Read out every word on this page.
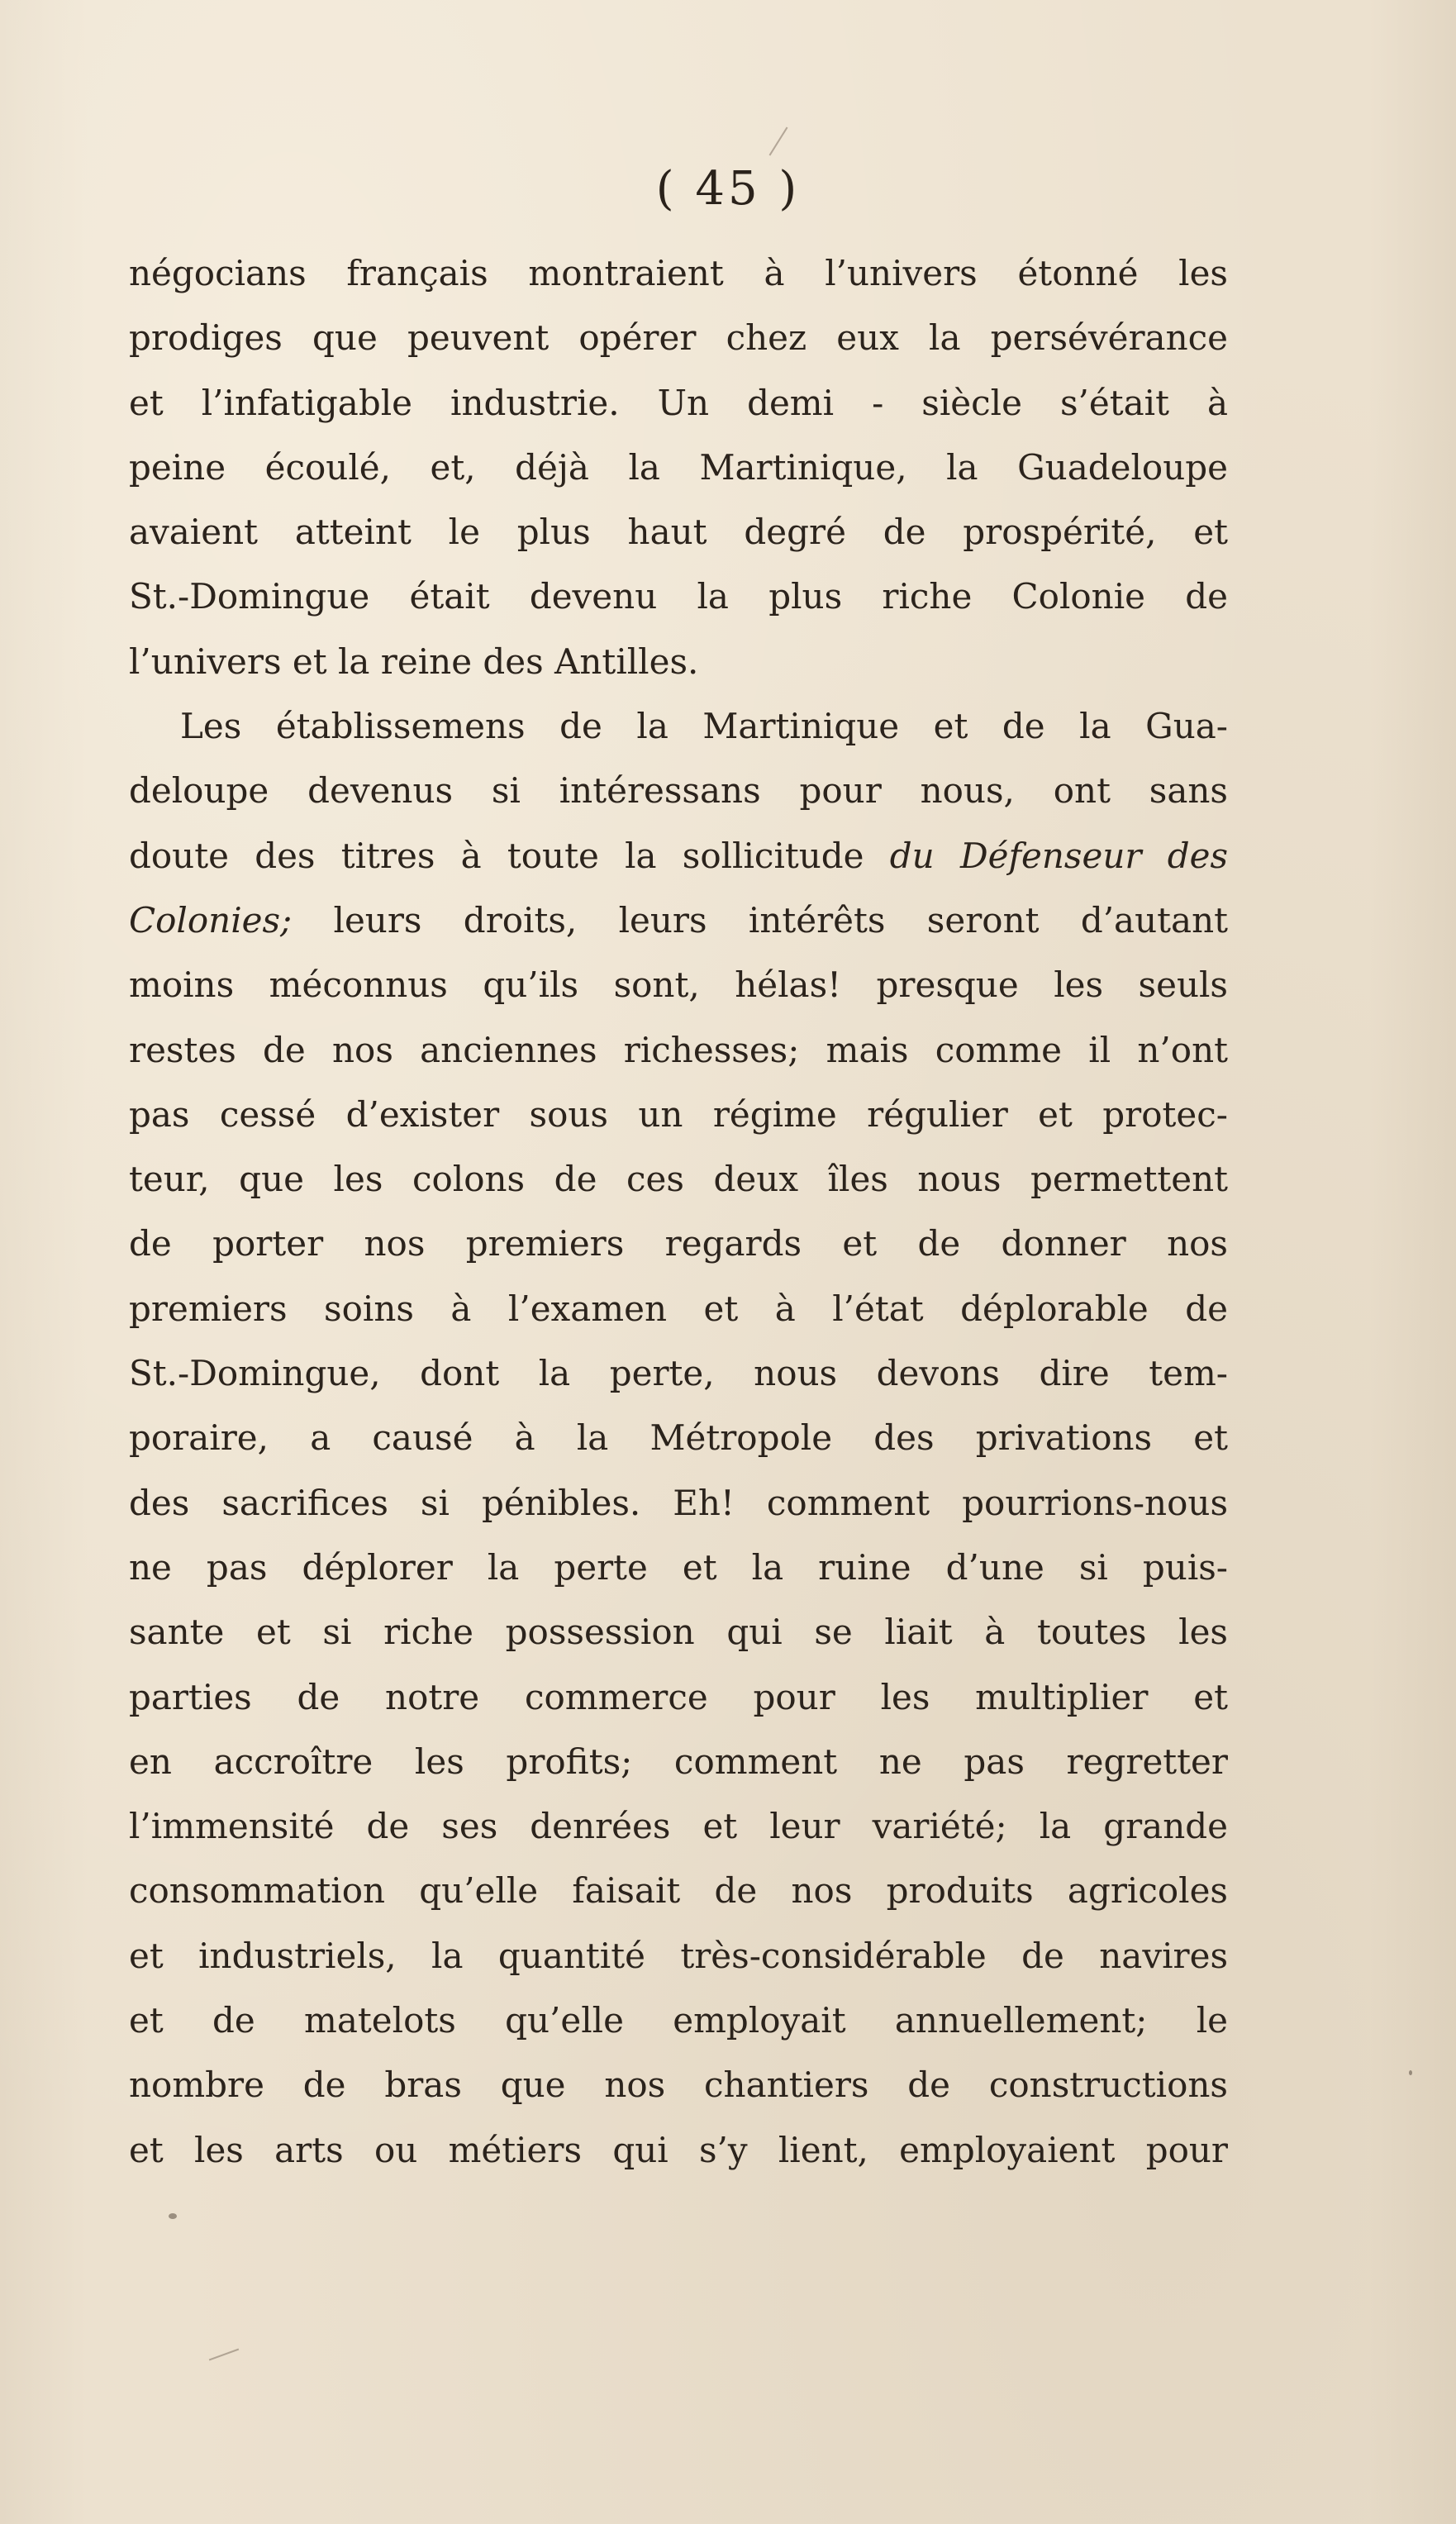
( 45 )
négocians français montraient à l’univers étonné les
prodiges que peuvent opérer chez eux la persévérance
et l’infatigable industrie. Un demi - siècle s’était à
peine écoulé, et, déjà la Martinique, la Guadeloupe
avaient atteint le plus haut degré de prospérité, et
St.-Domingue était devenu la plus riche Colonie de
l’univers et la reine des Antilles.
Les établissemens de la Martinique et de la Gua-
deloupe devenus si intéressans pour nous, ont sans
doute des titres à toute la sollicitude du Défenseur des
Colonies; leurs droits, leurs intérêts seront d’autant
moins méconnus qu’ils sont, hélas! presque les seuls
restes de nos anciennes richesses; mais comme il n’ont
pas cessé d’exister sous un régime régulier et protec-
teur, que les colons de ces deux îles nous permettent
de porter nos premiers regards et de donner nos
premiers soins à l’examen et à l’état déplorable de
St.-Domingue, dont la perte, nous devons dire tem-
poraire, a causé à la Métropole des privations et
des sacrifices si pénibles. Eh! comment pourrions-nous
ne pas déplorer la perte et la ruine d’une si puis-
sante et si riche possession qui se liait à toutes les
parties de notre commerce pour les multiplier et
en accroître les profits; comment ne pas regretter
l’immensité de ses denrées et leur variété; la grande
consommation qu’elle faisait de nos produits agricoles
et industriels, la quantité très-considérable de navires
et de matelots qu’elle employait annuellement; le
nombre de bras que nos chantiers de constructions
et les arts ou métiers qui s’y lient, employaient pour
